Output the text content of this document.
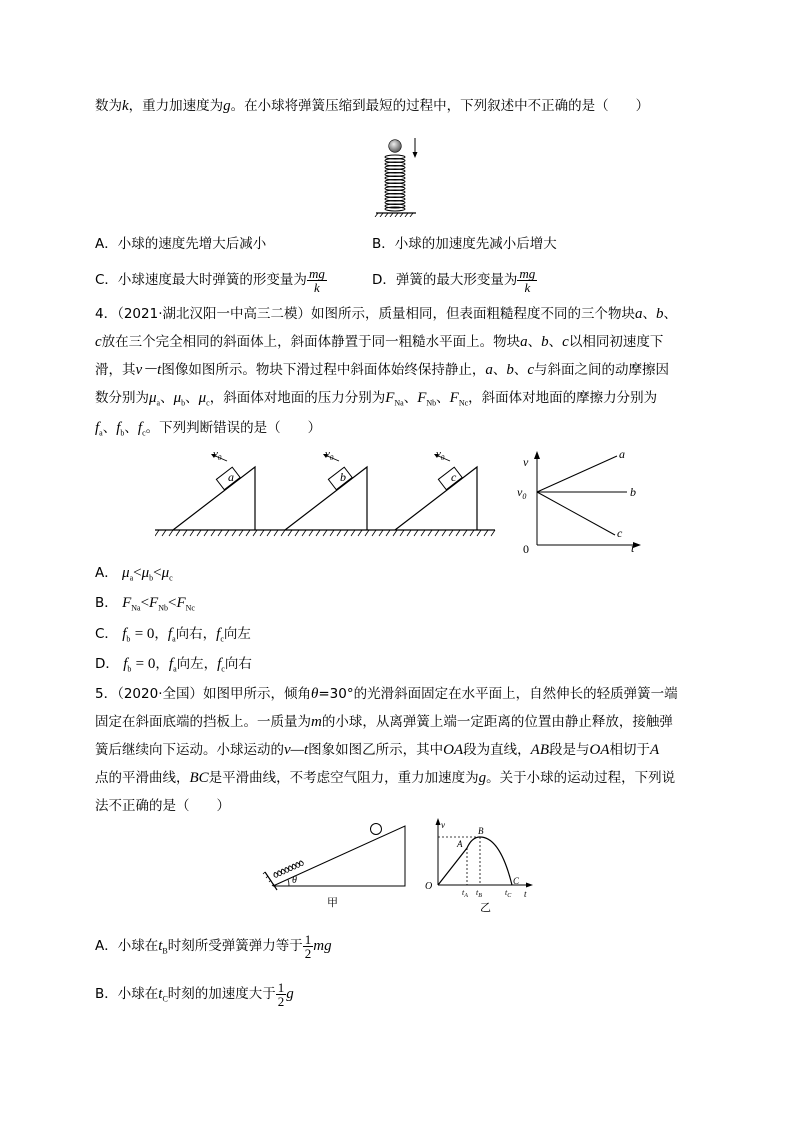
数为k，重力加速度为g。在小球将弹簧压缩到最短的过程中，下列叙述中不正确的是（　　）
A．小球的速度先增大后减小	B．小球的加速度先减小后增大
C．小球速度最大时弹簧的形变量为 $\frac{mg}{k}$	D．弹簧的最大形变量为 $\frac{mg}{k}$
4．（2021·湖北汉阳一中高三二模）如图所示，质量相同，但表面粗糙程度不同的三个物块a、b、
c放在三个完全相同的斜面体上，斜面体静置于同一粗糙水平面上。物块a、b、c以相同初速度下
滑，其v－t图像如图所示。物块下滑过程中斜面体始终保持静止，a、b、c与斜面之间的动摩擦因
数分别为$\mu_a$、$\mu_b$、$\mu_c$，斜面体对地面的压力分别为$F_{Na}$、$F_{Nb}$、$F_{Nc}$，斜面体对地面的摩擦力分别为
$f_a$、$f_b$、$f_c$。下列判断错误的是（　　）
a
$v_0$
b
$v_0$
c
$v_0$	v
t
0
$v_0$
a
b
c
A． $\mu_a<\mu_b<\mu_c$
B． $F_{Na}<F_{Nb}<F_{Nc}$
C． $f_b = 0$，$f_a$向右，$f_c$向左
D． $f_b = 0$，$f_a$向左，$f_c$向右
5．（2020·全国）如图甲所示，倾角θ=30°的光滑斜面固定在水平面上，自然伸长的轻质弹簧一端
固定在斜面底端的挡板上。一质量为m的小球，从离弹簧上端一定距离的位置由静止释放，接触弹
簧后继续向下运动。小球运动的v—t图象如图乙所示，其中OA段为直线，AB段是与OA相切于A
点的平滑曲线，BC是平滑曲线，不考虑空气阻力，重力加速度为g。关于小球的运动过程，下列说
法不正确的是（　　）
θ
甲
v
t
O
A
B
C
$t_A$ $t_B$	$t_C$
乙
A．小球在$t_B$时刻所受弹簧弹力等于 $\frac{1}{2}$ mg
B．小球在$t_C$时刻的加速度大于 $\frac{1}{2}$ g
